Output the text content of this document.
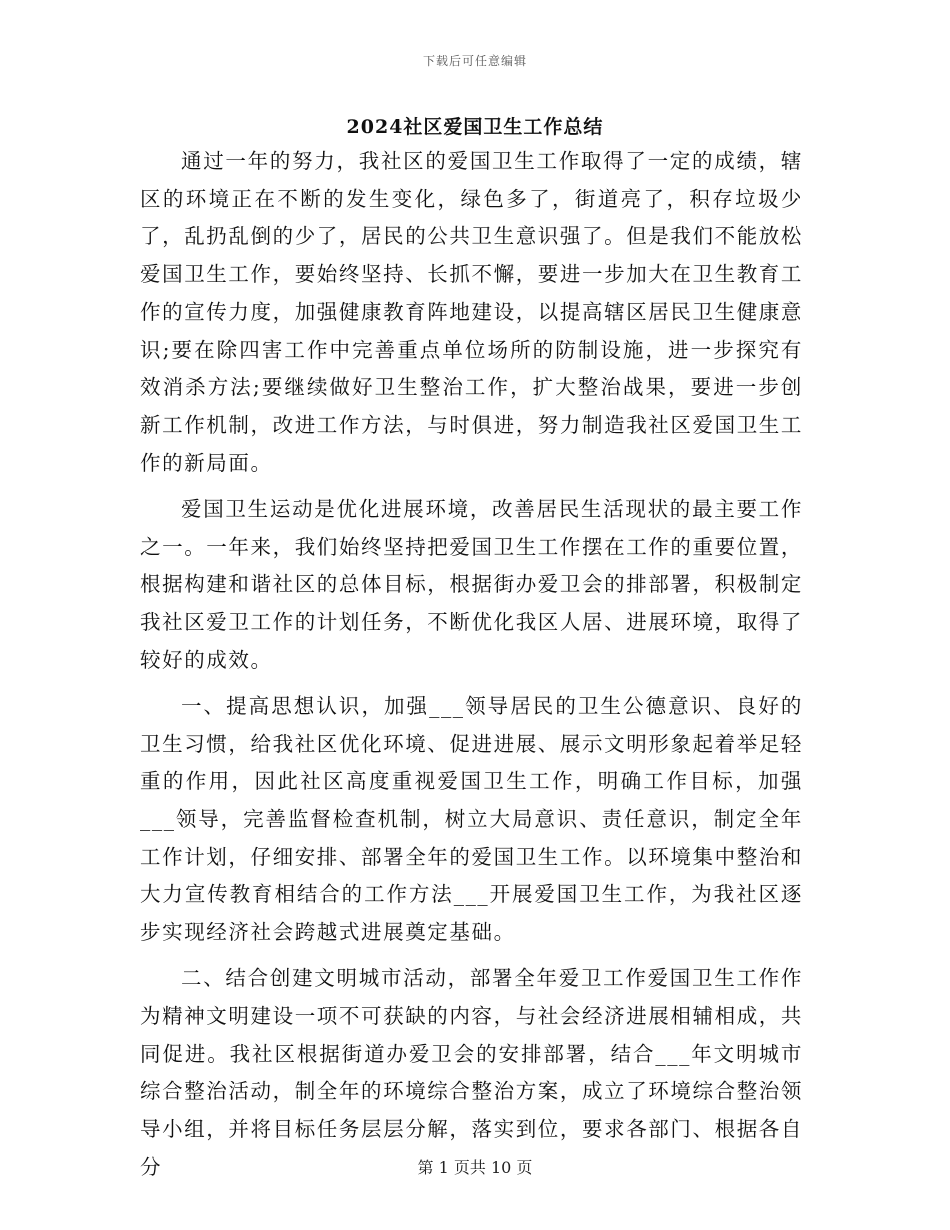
下载后可任意编辑
2024社区爱国卫生工作总结

通过一年的努力，我社区的爱国卫生工作取得了一定的成绩，辖区的环境正在不断的发生变化，绿色多了，街道亮了，积存垃圾少了，乱扔乱倒的少了，居民的公共卫生意识强了。但是我们不能放松爱国卫生工作，要始终坚持、长抓不懈，要进一步加大在卫生教育工作的宣传力度，加强健康教育阵地建设，以提高辖区居民卫生健康意识;要在除四害工作中完善重点单位场所的防制设施，进一步探究有效消杀方法;要继续做好卫生整治工作，扩大整治战果，要进一步创新工作机制，改进工作方法，与时俱进，努力制造我社区爱国卫生工作的新局面。

爱国卫生运动是优化进展环境，改善居民生活现状的最主要工作之一。一年来，我们始终坚持把爱国卫生工作摆在工作的重要位置，根据构建和谐社区的总体目标，根据街办爱卫会的排部署，积极制定我社区爱卫工作的计划任务，不断优化我区人居、进展环境，取得了较好的成效。

一、提高思想认识，加强___领导居民的卫生公德意识、良好的卫生习惯，给我社区优化环境、促进进展、展示文明形象起着举足轻重的作用，因此社区高度重视爱国卫生工作，明确工作目标，加强___领导，完善监督检查机制，树立大局意识、责任意识，制定全年工作计划，仔细安排、部署全年的爱国卫生工作。以环境集中整治和大力宣传教育相结合的工作方法___开展爱国卫生工作，为我社区逐步实现经济社会跨越式进展奠定基础。

二、结合创建文明城市活动，部署全年爱卫工作爱国卫生工作作为精神文明建设一项不可获缺的内容，与社会经济进展相辅相成，共同促进。我社区根据街道办爱卫会的安排部署，结合___年文明城市综合整治活动，制全年的环境综合整治方案，成立了环境综合整治领导小组，并将目标任务层层分解，落实到位，要求各部门、根据各自分	第 1 页共 10 页
